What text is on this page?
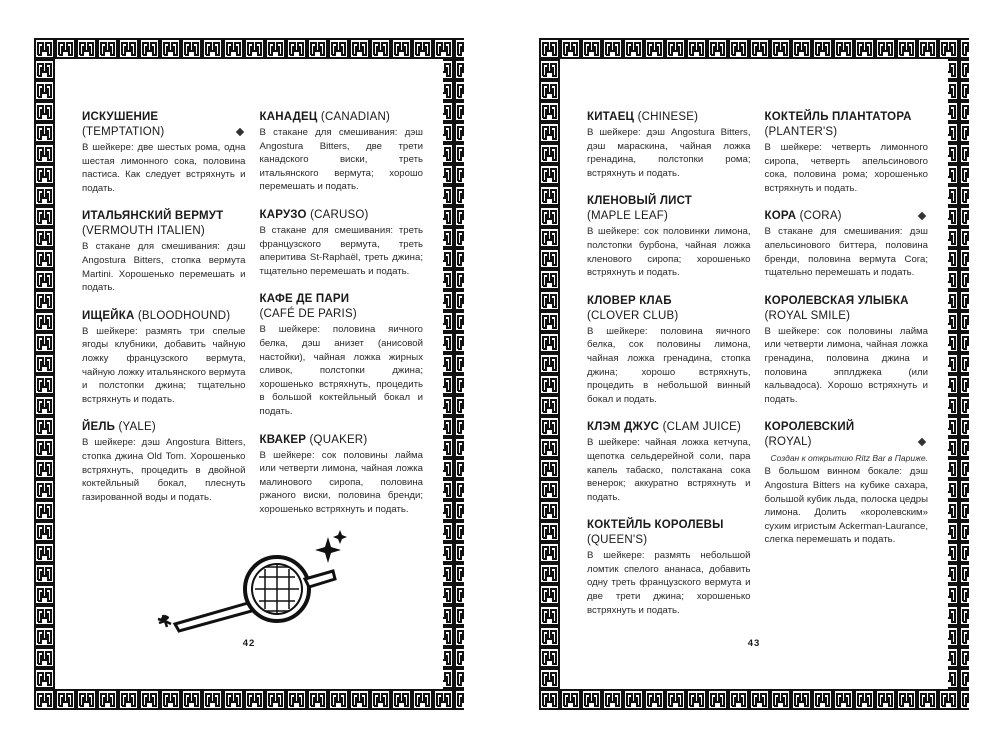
ИСКУШЕНИЕ
(TEMPTATION)
В шейкере: две шестых рома, одна шестая лимонного сока, половина пастиса. Как следует встряхнуть и подать.
ИТАЛЬЯНСКИЙ ВЕРМУТ
(VERMOUTH ITALIEN)
В стакане для смешивания: дэш Angostura Bitters, стопка вермута Martini. Хорошенько перемешать и подать.
ИЩЕЙКА (BLOODHOUND)
В шейкере: размять три спелые ягоды клубники, добавить чайную ложку французского вермута, чайную ложку итальянского вермута и полстопки джина; тщательно встряхнуть и подать.
ЙЕЛЬ (YALE)
В шейкере: дэш Angostura Bitters, стопка джина Old Tom. Хорошенько встряхнуть, процедить в двойной коктейльный бокал, плеснуть газированной воды и подать.
КАНАДЕЦ (CANADIAN)
В стакане для смешивания: дэш Angostura Bitters, две трети канадского виски, треть итальянского вермута; хорошо перемешать и подать.
КАРУЗО (CARUSO)
В стакане для смешивания: треть французского вермута, треть аперитива St-Raphaël, треть джина; тщательно перемешать и подать.
КАФЕ ДЕ ПАРИ
(CAFÉ DE PARIS)
В шейкере: половина яичного белка, дэш анизет (анисовой настойки), чайная ложка жирных сливок, полстопки джина; хорошенько встряхнуть, процедить в большой коктейльный бокал и подать.
КВАКЕР (QUAKER)
В шейкере: сок половины лайма или четверти лимона, чайная ложка малинового сиропа, половина ржаного виски, половина бренди; хорошенько встряхнуть и подать.
42
КИТАЕЦ (CHINESE)
В шейкере: дэш Angostura Bitters, дэш мараскина, чайная ложка гренадина, полстопки рома; встряхнуть и подать.
КЛЕНОВЫЙ ЛИСТ
(MAPLE LEAF)
В шейкере: сок половинки лимона, полстопки бурбона, чайная ложка кленового сиропа; хорошенько встряхнуть и подать.
КЛОВЕР КЛАБ
(CLOVER CLUB)
В шейкере: половина яичного белка, сок половины лимона, чайная ложка гренадина, стопка джина; хорошо встряхнуть, процедить в небольшой винный бокал и подать.
КЛЭМ ДЖУС (CLAM JUICE)
В шейкере: чайная ложка кетчупа, щепотка сельдерейной соли, пара капель табаско, полстакана сока венерок; аккуратно встряхнуть и подать.
КОКТЕЙЛЬ КОРОЛЕВЫ
(QUEEN'S)
В шейкере: размять небольшой ломтик спелого ананаса, добавить одну треть французского вермута и две трети джина; хорошенько встряхнуть и подать.
КОКТЕЙЛЬ ПЛАНТАТОРА
(PLANTER'S)
В шейкере: четверть лимонного сиропа, четверть апельсинового сока, половина рома; хорошенько встряхнуть и подать.
КОРА (CORA)
В стакане для смешивания: дэш апельсинового биттера, половина бренди, половина вермута Cora; тщательно перемешать и подать.
КОРОЛЕВСКАЯ УЛЫБКА
(ROYAL SMILE)
В шейкере: сок половины лайма или четверти лимона, чайная ложка гренадина, половина джина и половина эпплджека (или кальвадоса). Хорошо встряхнуть и подать.
КОРОЛЕВСКИЙ
(ROYAL)
Создан к открытию Ritz Bar в Париже.
В большом винном бокале: дэш Angostura Bitters на кубике сахара, большой кубик льда, полоска цедры лимона. Долить «королевским» сухим игристым Ackerman-Laurance, слегка перемешать и подать.
43
